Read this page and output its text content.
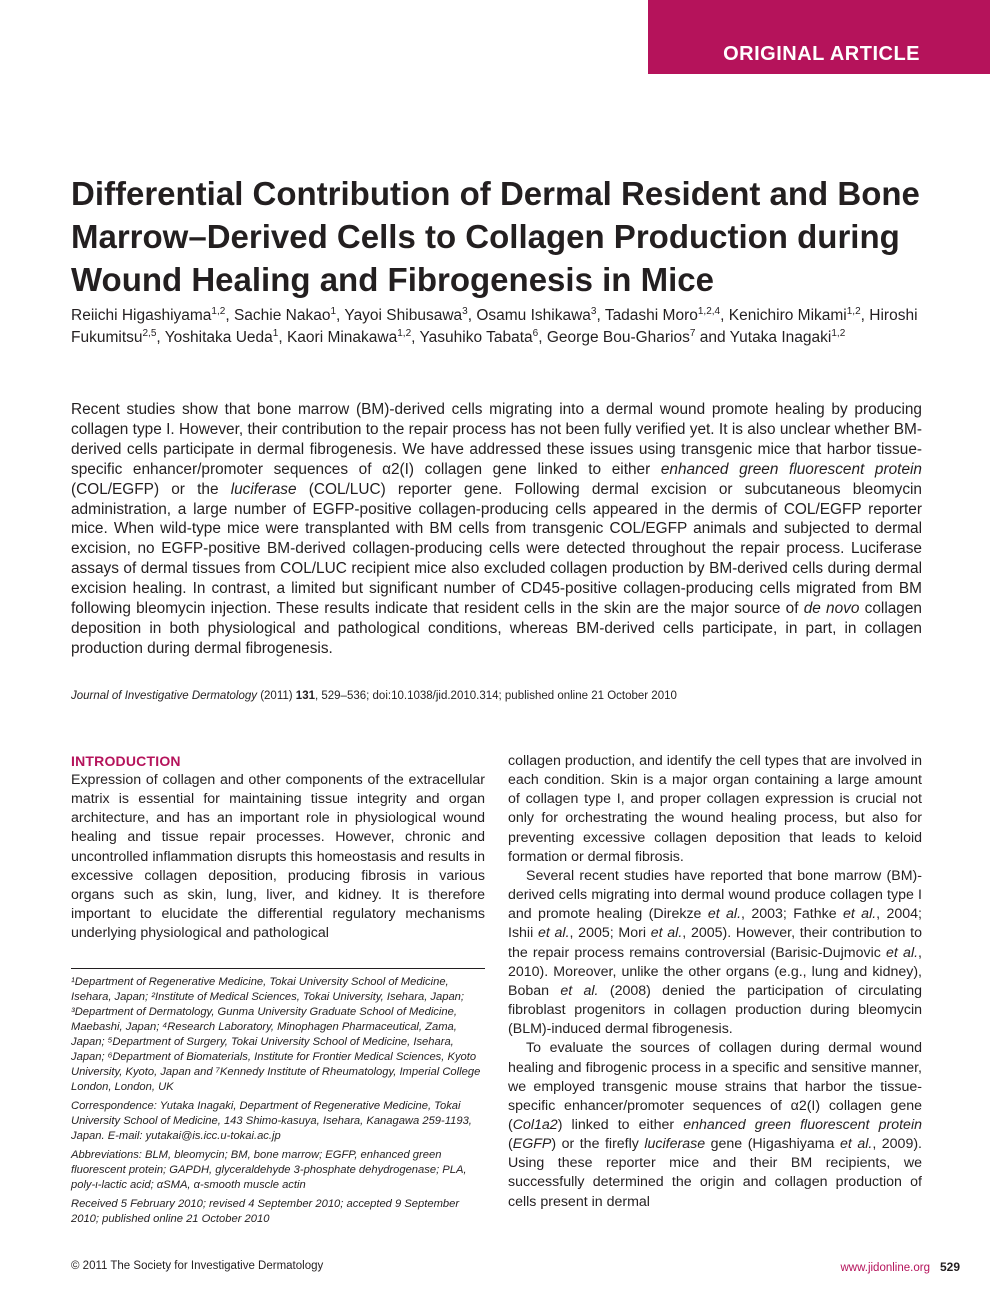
ORIGINAL ARTICLE
Differential Contribution of Dermal Resident and Bone Marrow–Derived Cells to Collagen Production during Wound Healing and Fibrogenesis in Mice
Reiichi Higashiyama$^{1,2}$, Sachie Nakao$^1$, Yayoi Shibusawa$^3$, Osamu Ishikawa$^3$, Tadashi Moro$^{1,2,4}$, Kenichiro Mikami$^{1,2}$, Hiroshi Fukumitsu$^{2,5}$, Yoshitaka Ueda$^1$, Kaori Minakawa$^{1,2}$, Yasuhiko Tabata$^6$, George Bou-Gharios$^7$ and Yutaka Inagaki$^{1,2}$
Recent studies show that bone marrow (BM)-derived cells migrating into a dermal wound promote healing by producing collagen type I. However, their contribution to the repair process has not been fully verified yet. It is also unclear whether BM-derived cells participate in dermal fibrogenesis. We have addressed these issues using transgenic mice that harbor tissue-specific enhancer/promoter sequences of α2(I) collagen gene linked to either enhanced green fluorescent protein (COL/EGFP) or the luciferase (COL/LUC) reporter gene. Following dermal excision or subcutaneous bleomycin administration, a large number of EGFP-positive collagen-producing cells appeared in the dermis of COL/EGFP reporter mice. When wild-type mice were transplanted with BM cells from transgenic COL/EGFP animals and subjected to dermal excision, no EGFP-positive BM-derived collagen-producing cells were detected throughout the repair process. Luciferase assays of dermal tissues from COL/LUC recipient mice also excluded collagen production by BM-derived cells during dermal excision healing. In contrast, a limited but significant number of CD45-positive collagen-producing cells migrated from BM following bleomycin injection. These results indicate that resident cells in the skin are the major source of de novo collagen deposition in both physiological and pathological conditions, whereas BM-derived cells participate, in part, in collagen production during dermal fibrogenesis.
Journal of Investigative Dermatology (2011) 131, 529–536; doi:10.1038/jid.2010.314; published online 21 October 2010
INTRODUCTION

Expression of collagen and other components of the extracellular matrix is essential for maintaining tissue integrity and organ architecture, and has an important role in physiological wound healing and tissue repair processes. However, chronic and uncontrolled inflammation disrupts this homeostasis and results in excessive collagen deposition, producing fibrosis in various organs such as skin, lung, liver, and kidney. It is therefore important to elucidate the differential regulatory mechanisms underlying physiological and pathological

¹Department of Regenerative Medicine, Tokai University School of Medicine, Isehara, Japan; ²Institute of Medical Sciences, Tokai University, Isehara, Japan; ³Department of Dermatology, Gunma University Graduate School of Medicine, Maebashi, Japan; ⁴Research Laboratory, Minophagen Pharmaceutical, Zama, Japan; ⁵Department of Surgery, Tokai University School of Medicine, Isehara, Japan; ⁶Department of Biomaterials, Institute for Frontier Medical Sciences, Kyoto University, Kyoto, Japan and ⁷Kennedy Institute of Rheumatology, Imperial College London, London, UK

Correspondence: Yutaka Inagaki, Department of Regenerative Medicine, Tokai University School of Medicine, 143 Shimo-kasuya, Isehara, Kanagawa 259-1193, Japan. E-mail: yutakai@is.icc.u-tokai.ac.jp

Abbreviations: BLM, bleomycin; BM, bone marrow; EGFP, enhanced green fluorescent protein; GAPDH, glyceraldehyde 3-phosphate dehydrogenase; PLA, poly-ι-lactic acid; αSMA, α-smooth muscle actin

Received 5 February 2010; revised 4 September 2010; accepted 9 September 2010; published online 21 October 2010

collagen production, and identify the cell types that are involved in each condition. Skin is a major organ containing a large amount of collagen type I, and proper collagen expression is crucial not only for orchestrating the wound healing process, but also for preventing excessive collagen deposition that leads to keloid formation or dermal fibrosis.

Several recent studies have reported that bone marrow (BM)-derived cells migrating into dermal wound produce collagen type I and promote healing (Direkze et al., 2003; Fathke et al., 2004; Ishii et al., 2005; Mori et al., 2005). However, their contribution to the repair process remains controversial (Barisic-Dujmovic et al., 2010). Moreover, unlike the other organs (e.g., lung and kidney), Boban et al. (2008) denied the participation of circulating fibroblast progenitors in collagen production during bleomycin (BLM)-induced dermal fibrogenesis.

To evaluate the sources of collagen during dermal wound healing and fibrogenic process in a specific and sensitive manner, we employed transgenic mouse strains that harbor the tissue-specific enhancer/promoter sequences of α2(I) collagen gene (Col1a2) linked to either enhanced green fluorescent protein (EGFP) or the firefly luciferase gene (Higashiyama et al., 2009). Using these reporter mice and their BM recipients, we successfully determined the origin and collagen production of cells present in dermal

© 2011 The Society for Investigative Dermatology	www.jidonline.org 529
